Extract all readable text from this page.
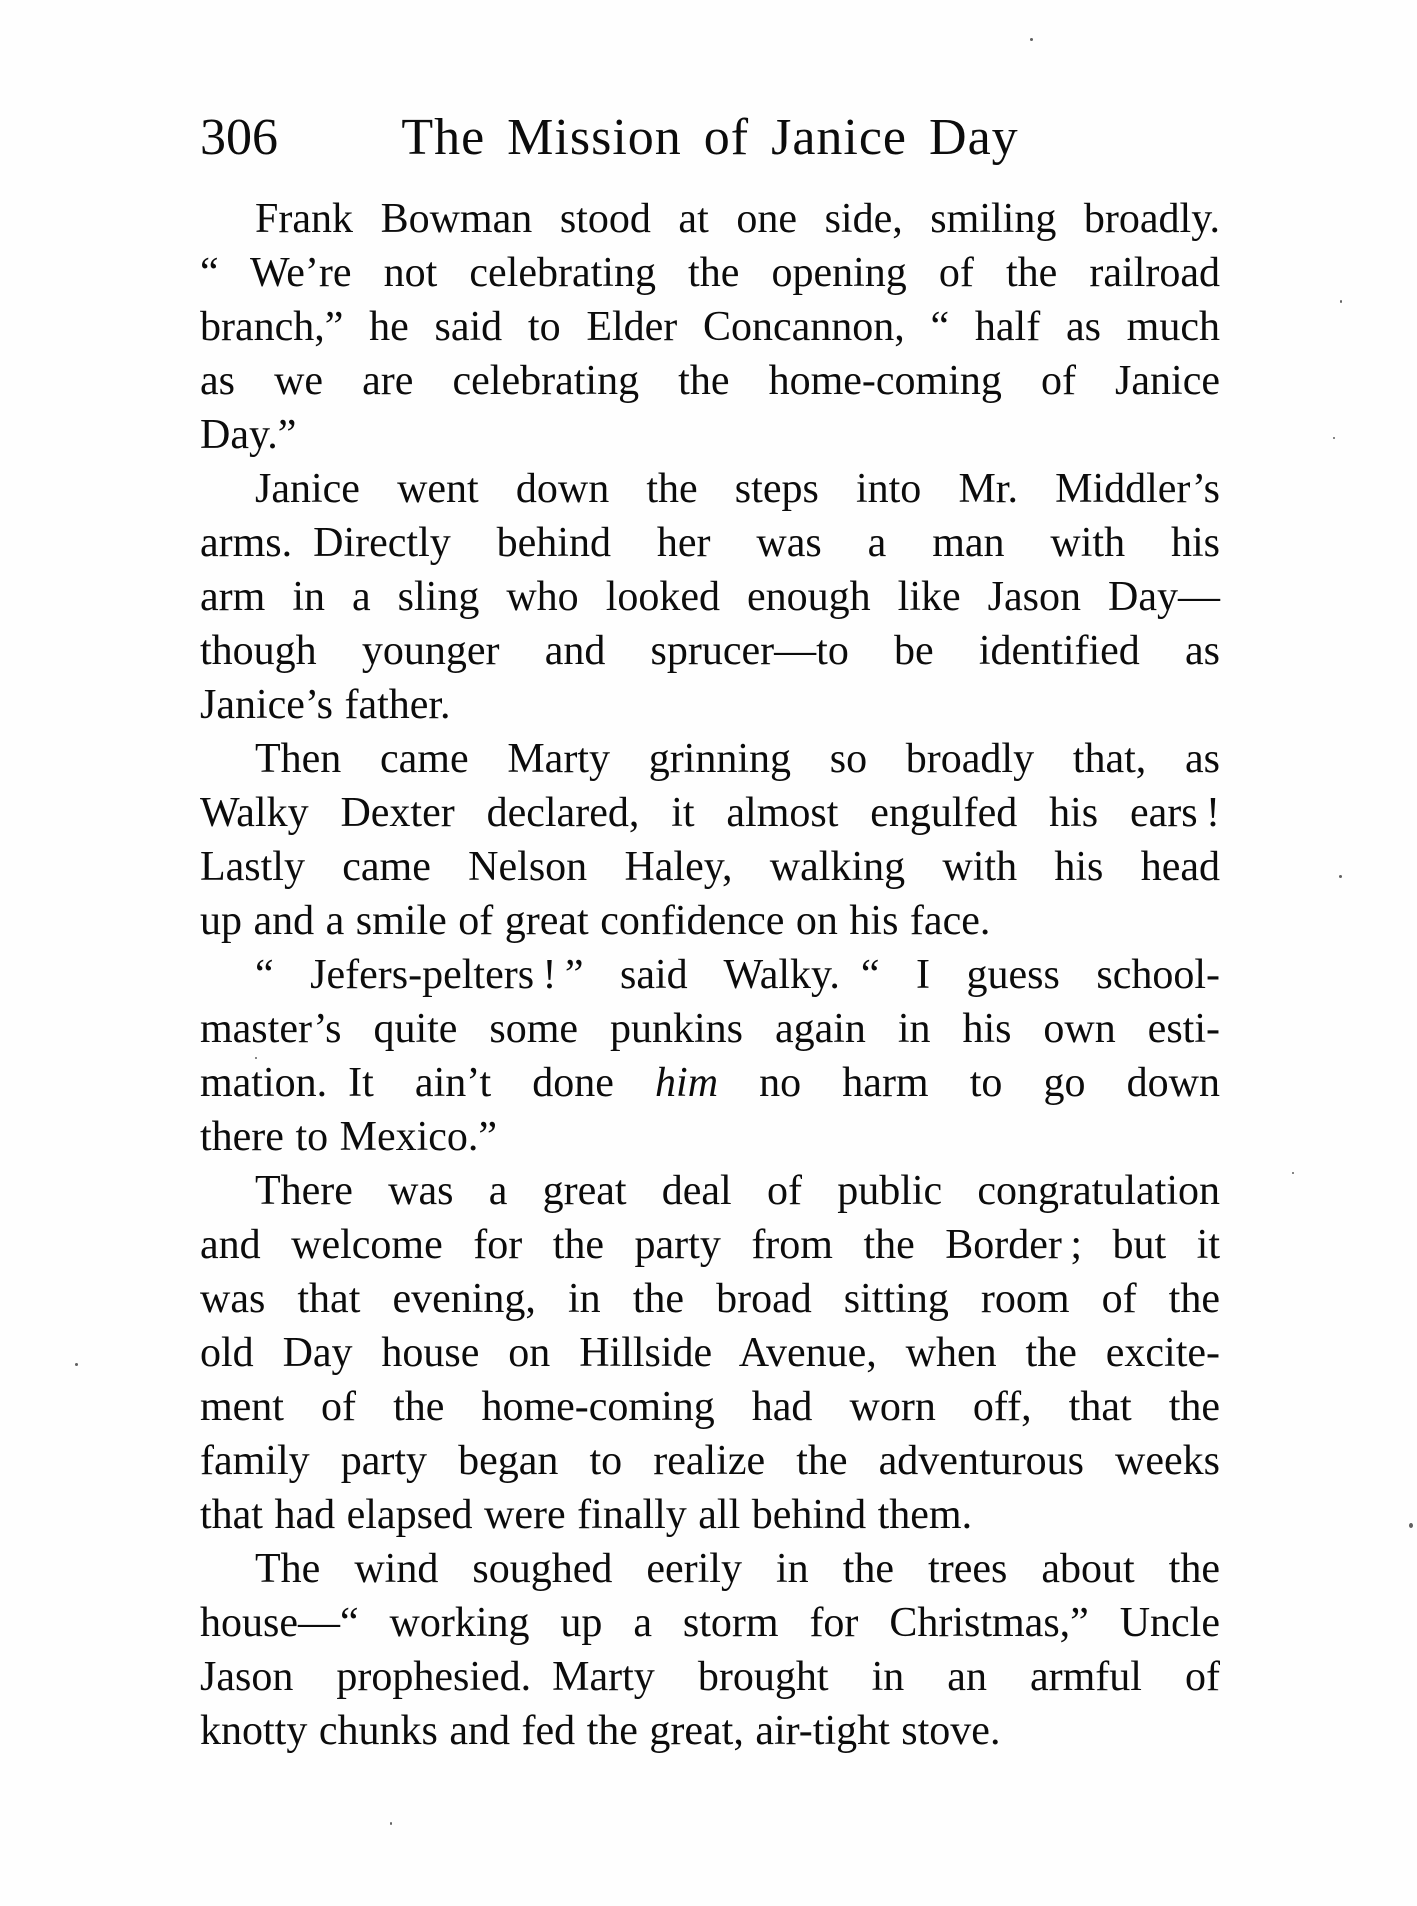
306	The Mission of Janice Day
Frank Bowman stood at one side, smiling broadly.
“ We’re not celebrating the opening of the railroad
branch,” he said to Elder Concannon, “ half as much
as we are celebrating the home-coming of Janice
Day.”
Janice went down the steps into Mr. Middler’s
arms. Directly behind her was a man with his
arm in a sling who looked enough like Jason Day—
though younger and sprucer—to be identified as
Janice’s father.
Then came Marty grinning so broadly that, as
Walky Dexter declared, it almost engulfed his ears !
Lastly came Nelson Haley, walking with his head
up and a smile of great confidence on his face.
“ Jefers-pelters ! ” said Walky. “ I guess school-
master’s quite some punkins again in his own esti-
mation. It ain’t done him no harm to go down
there to Mexico.”
There was a great deal of public congratulation
and welcome for the party from the Border ; but it
was that evening, in the broad sitting room of the
old Day house on Hillside Avenue, when the excite-
ment of the home-coming had worn off, that the
family party began to realize the adventurous weeks
that had elapsed were finally all behind them.
The wind soughed eerily in the trees about the
house—“ working up a storm for Christmas,” Uncle
Jason prophesied. Marty brought in an armful of
knotty chunks and fed the great, air-tight stove.
